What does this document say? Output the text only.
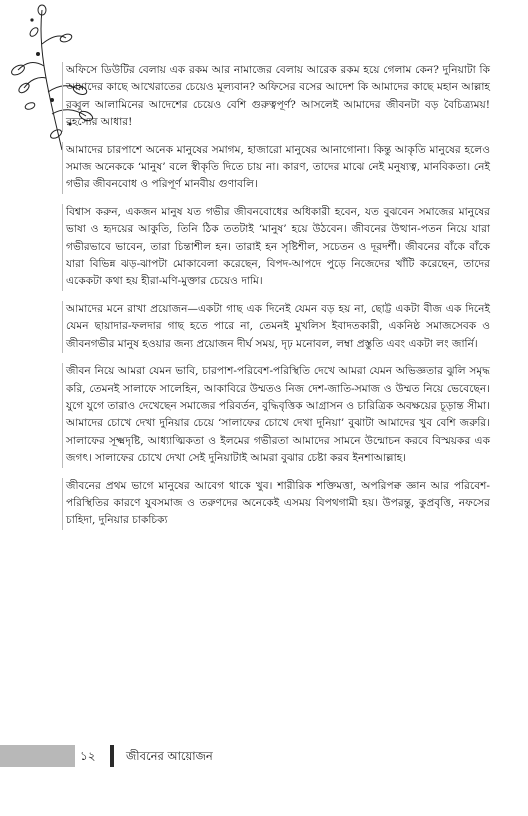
অফিসে ডিউটির বেলায় এক রকম আর নামাজের বেলায় আরেক রকম হয়ে গেলাম কেন? দুনিয়াটা কি আমাদের কাছে আখেরাতের চেয়েও মূল্যবান? অফিসের বসের আদেশ কি আমাদের কাছে মহান আল্লাহ রব্বুল আলামিনের আদেশের চেয়েও বেশি গুরুত্বপূর্ণ? আসলেই আমাদের জীবনটা বড় বৈচিত্র্যময়! রহস্যের আধার!

আমাদের চারপাশে অনেক মানুষের সমাগম, হাজারো মানুষের আনাগোনা। কিন্তু আকৃতি মানুষের হলেও সমাজ অনেককে ‘মানুষ’ বলে স্বীকৃতি দিতে চায় না। কারণ, তাদের মাঝে নেই মনুষ্যত্ব, মানবিকতা। নেই গভীর জীবনবোধ ও পরিপূর্ণ মানবীয় গুণাবলি।

বিশ্বাস করুন, একজন মানুষ যত গভীর জীবনবোধের অধিকারী হবেন, যত বুঝবেন সমাজের মানুষের ভাষা ও হৃদয়ের আকুতি, তিনি ঠিক ততটাই ‘মানুষ’ হয়ে উঠবেন। জীবনের উত্থান-পতন নিয়ে যারা গভীরভাবে ভাবেন, তারা চিন্তাশীল হন। তারাই হন সৃষ্টিশীল, সচেতন ও দূরদর্শী। জীবনের বাঁকে বাঁকে যারা বিভিন্ন ঝড়-ঝাপটা মোকাবেলা করেছেন, বিপদ-আপদে পুড়ে নিজেদের খাঁটি করেছেন, তাদের একেকটা কথা হয় হীরা-মণি-মুক্তার চেয়েও দামি।

আমাদের মনে রাখা প্রয়োজন—একটা গাছ এক দিনেই যেমন বড় হয় না, ছোট্ট একটা বীজ এক দিনেই যেমন ছায়াদার-ফলদার গাছ হতে পারে না, তেমনই মুখলিস ইবাদতকারী, একনিষ্ঠ সমাজসেবক ও জীবনগভীর মানুষ হওয়ার জন্য প্রয়োজন দীর্ঘ সময়, দৃঢ় মনোবল, লম্বা প্রস্তুতি এবং একটা লং জার্নি।

জীবন নিয়ে আমরা যেমন ভাবি, চারপাশ-পরিবেশ-পরিস্থিতি দেখে আমরা যেমন অভিজ্ঞতার ঝুলি সমৃদ্ধ করি, তেমনই সালাফে সালেহিন, আকাবিরে উম্মতও নিজ দেশ-জাতি-সমাজ ও উম্মত নিয়ে ভেবেছেন। যুগে যুগে তারাও দেখেছেন সমাজের পরিবর্তন, বুদ্ধিবৃত্তিক আগ্রাসন ও চারিত্রিক অবক্ষয়ের চূড়ান্ত সীমা। আমাদের চোখে দেখা দুনিয়ার চেয়ে ‘সালাফের চোখে দেখা দুনিয়া’ বুঝাটা আমাদের খুব বেশি জরুরি। সালাফের সূক্ষ্মদৃষ্টি, আধ্যাত্মিকতা ও ইলমের গভীরতা আমাদের সামনে উন্মোচন করবে বিস্ময়কর এক জগৎ। সালাফের চোখে দেখা সেই দুনিয়াটাই আমরা বুঝার চেষ্টা করব ইনশাআল্লাহ।

জীবনের প্রথম ভাগে মানুষের আবেগ থাকে খুব। শারীরিক শক্তিমত্তা, অপরিপক্ব জ্ঞান আর পরিবেশ-পরিস্থিতির কারণে যুবসমাজ ও তরুণদের অনেকেই এসময় বিপথগামী হয়। উপরন্তু, কুপ্রবৃত্তি, নফসের চাহিদা, দুনিয়ার চাকচিক্য

১২	জীবনের আয়োজন
